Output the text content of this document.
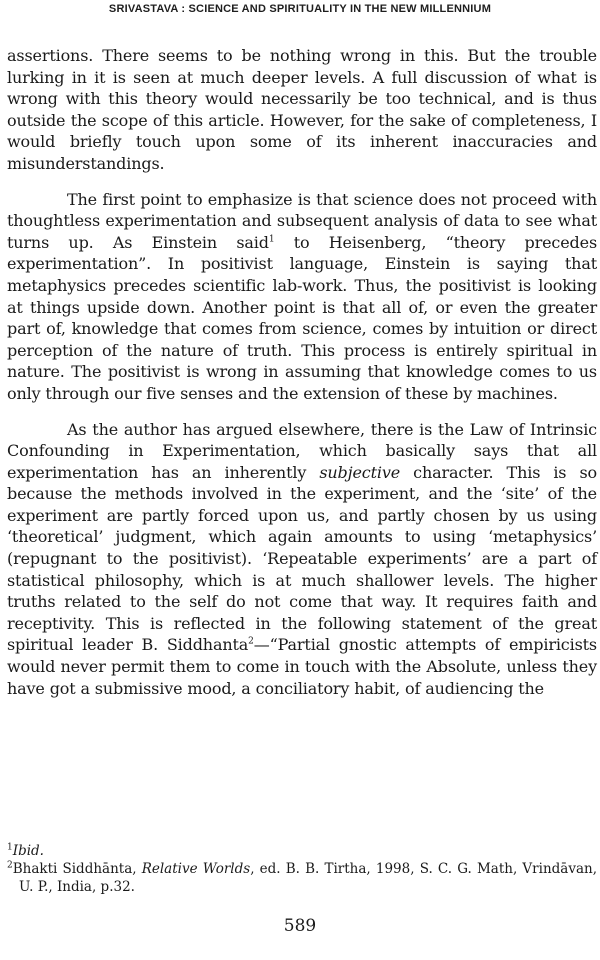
SRIVASTAVA : SCIENCE AND SPIRITUALITY IN THE NEW MILLENNIUM

assertions. There seems to be nothing wrong in this. But the trouble lurking in it is seen at much deeper levels. A full discussion of what is wrong with this theory would necessarily be too technical, and is thus outside the scope of this article. However, for the sake of completeness, I would briefly touch upon some of its inherent inaccuracies and misunderstandings.

The first point to emphasize is that science does not proceed with thoughtless experimentation and subsequent analysis of data to see what turns up. As Einstein said$^1$ to Heisenberg, “theory precedes experimentation”. In positivist language, Einstein is saying that metaphysics precedes scientific lab-work. Thus, the positivist is looking at things upside down. Another point is that all of, or even the greater part of, knowledge that comes from science, comes by intuition or direct perception of the nature of truth. This process is entirely spiritual in nature. The positivist is wrong in assuming that knowledge comes to us only through our five senses and the extension of these by machines.

As the author has argued elsewhere, there is the Law of Intrinsic Confounding in Experimentation, which basically says that all experimentation has an inherently subjective character. This is so because the methods involved in the experiment, and the ‘site’ of the experiment are partly forced upon us, and partly chosen by us using ‘theoretical’ judgment, which again amounts to using ‘metaphysics’ (repugnant to the positivist). ‘Repeatable experiments’ are a part of statistical philosophy, which is at much shallower levels. The higher truths related to the self do not come that way. It requires faith and receptivity. This is reflected in the following statement of the great spiritual leader B. Siddhanta$^2$—“Partial gnostic attempts of empiricists would never permit them to come in touch with the Absolute, unless they have got a submissive mood, a conciliatory habit, of audiencing the

$^1$Ibid.

$^2$Bhakti Siddhānta, Relative Worlds, ed. B. B. Tirtha, 1998, S. C. G. Math, Vrindāvan, U. P., India, p.32.

589
